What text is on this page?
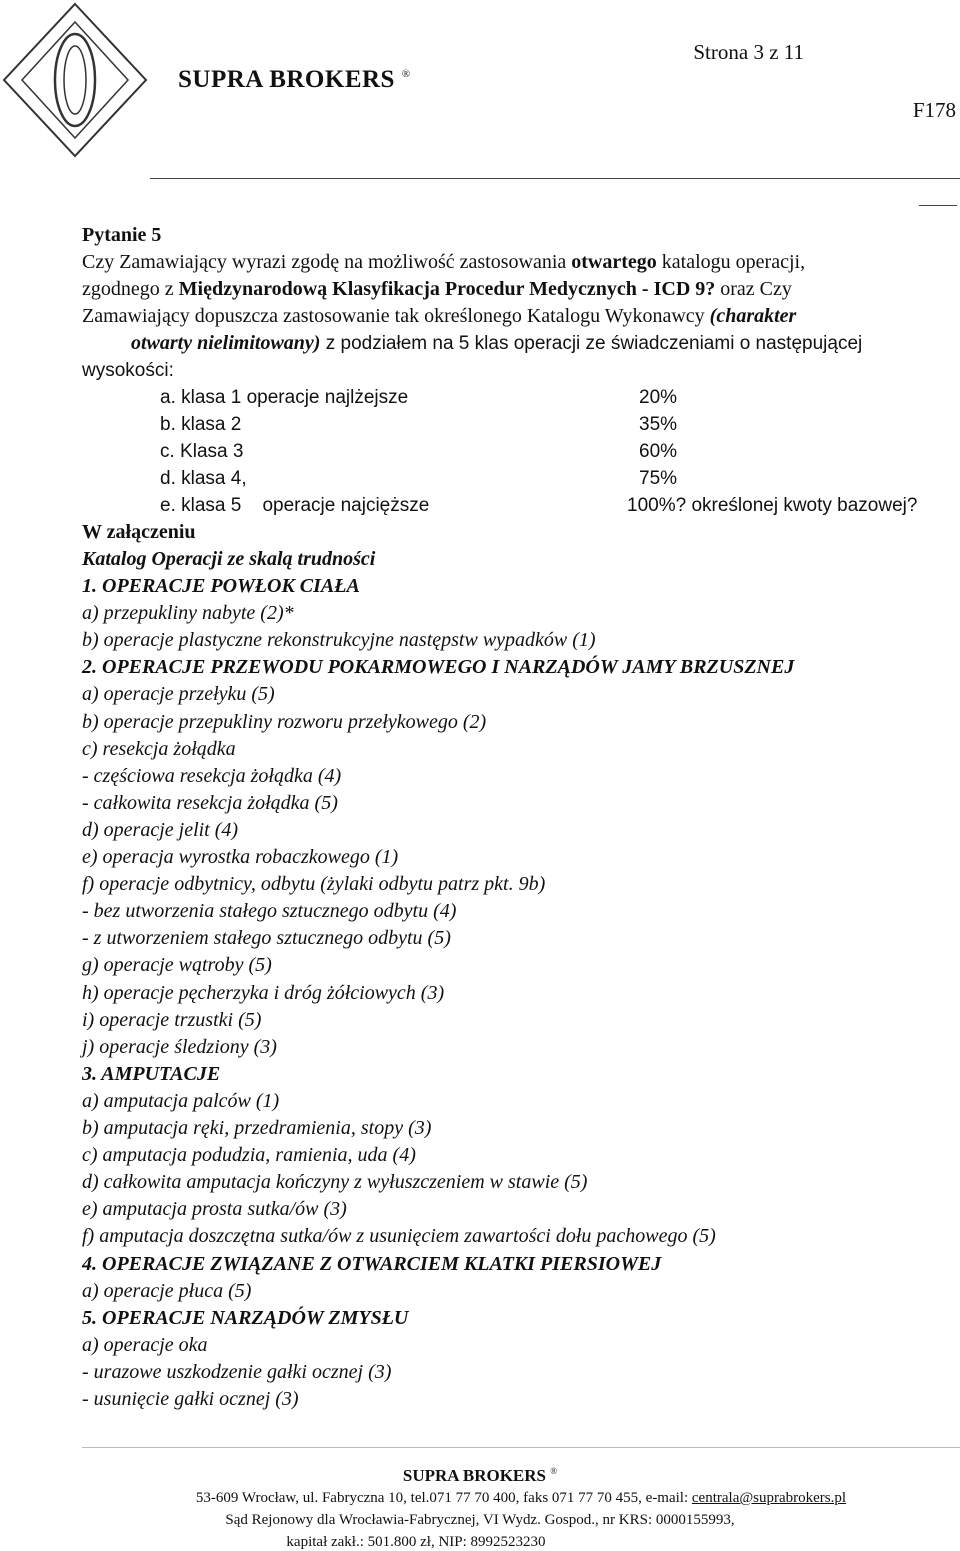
Strona 3 z 11
SUPRA BROKERS ®
F178
Pytanie 5
Czy Zamawiający wyrazi zgodę na możliwość zastosowania otwartego katalogu operacji,
zgodnego z Międzynarodową Klasyfikacja Procedur Medycznych - ICD 9? oraz Czy
Zamawiający dopuszcza zastosowanie tak określonego Katalogu Wykonawcy (charakter
otwarty nielimitowany) z podziałem na 5 klas operacji ze świadczeniami o następującej
wysokości:
a. klasa 1 operacje najlżejsze	20%
b. klasa 2	35%
c. Klasa 3	60%
d. klasa 4,	75%
e. klasa 5    operacje najcięższe	100%? określonej kwoty bazowej?
W załączeniu
Katalog Operacji ze skalą trudności
1. OPERACJE POWŁOK CIAŁA
a) przepukliny nabyte (2)*
b) operacje plastyczne rekonstrukcyjne następstw wypadków (1)
2. OPERACJE PRZEWODU POKARMOWEGO I NARZĄDÓW JAMY BRZUSZNEJ
a) operacje przełyku (5)
b) operacje przepukliny rozworu przełykowego (2)
c) resekcja żołądka
- częściowa resekcja żołądka (4)
- całkowita resekcja żołądka (5)
d) operacje jelit (4)
e) operacja wyrostka robaczkowego (1)
f) operacje odbytnicy, odbytu (żylaki odbytu patrz pkt. 9b)
- bez utworzenia stałego sztucznego odbytu (4)
- z utworzeniem stałego sztucznego odbytu (5)
g) operacje wątroby (5)
h) operacje pęcherzyka i dróg żółciowych (3)
i) operacje trzustki (5)
j) operacje śledziony (3)
3. AMPUTACJE
a) amputacja palców (1)
b) amputacja ręki, przedramienia, stopy (3)
c) amputacja podudzia, ramienia, uda (4)
d) całkowita amputacja kończyny z wyłuszczeniem w stawie (5)
e) amputacja prosta sutka/ów (3)
f) amputacja doszczętna sutka/ów z usunięciem zawartości dołu pachowego (5)
4. OPERACJE ZWIĄZANE Z OTWARCIEM KLATKI PIERSIOWEJ
a) operacje płuca (5)
5. OPERACJE NARZĄDÓW ZMYSŁU
a) operacje oka
- urazowe uszkodzenie gałki ocznej (3)
- usunięcie gałki ocznej (3)
SUPRA BROKERS ®
53-609 Wrocław, ul. Fabryczna 10, tel.071 77 70 400, faks 071 77 70 455, e-mail: centrala@suprabrokers.pl
Sąd Rejonowy dla Wrocławia-Fabrycznej, VI Wydz. Gospod., nr KRS: 0000155993,
kapitał zakł.: 501.800 zł, NIP: 8992523230
